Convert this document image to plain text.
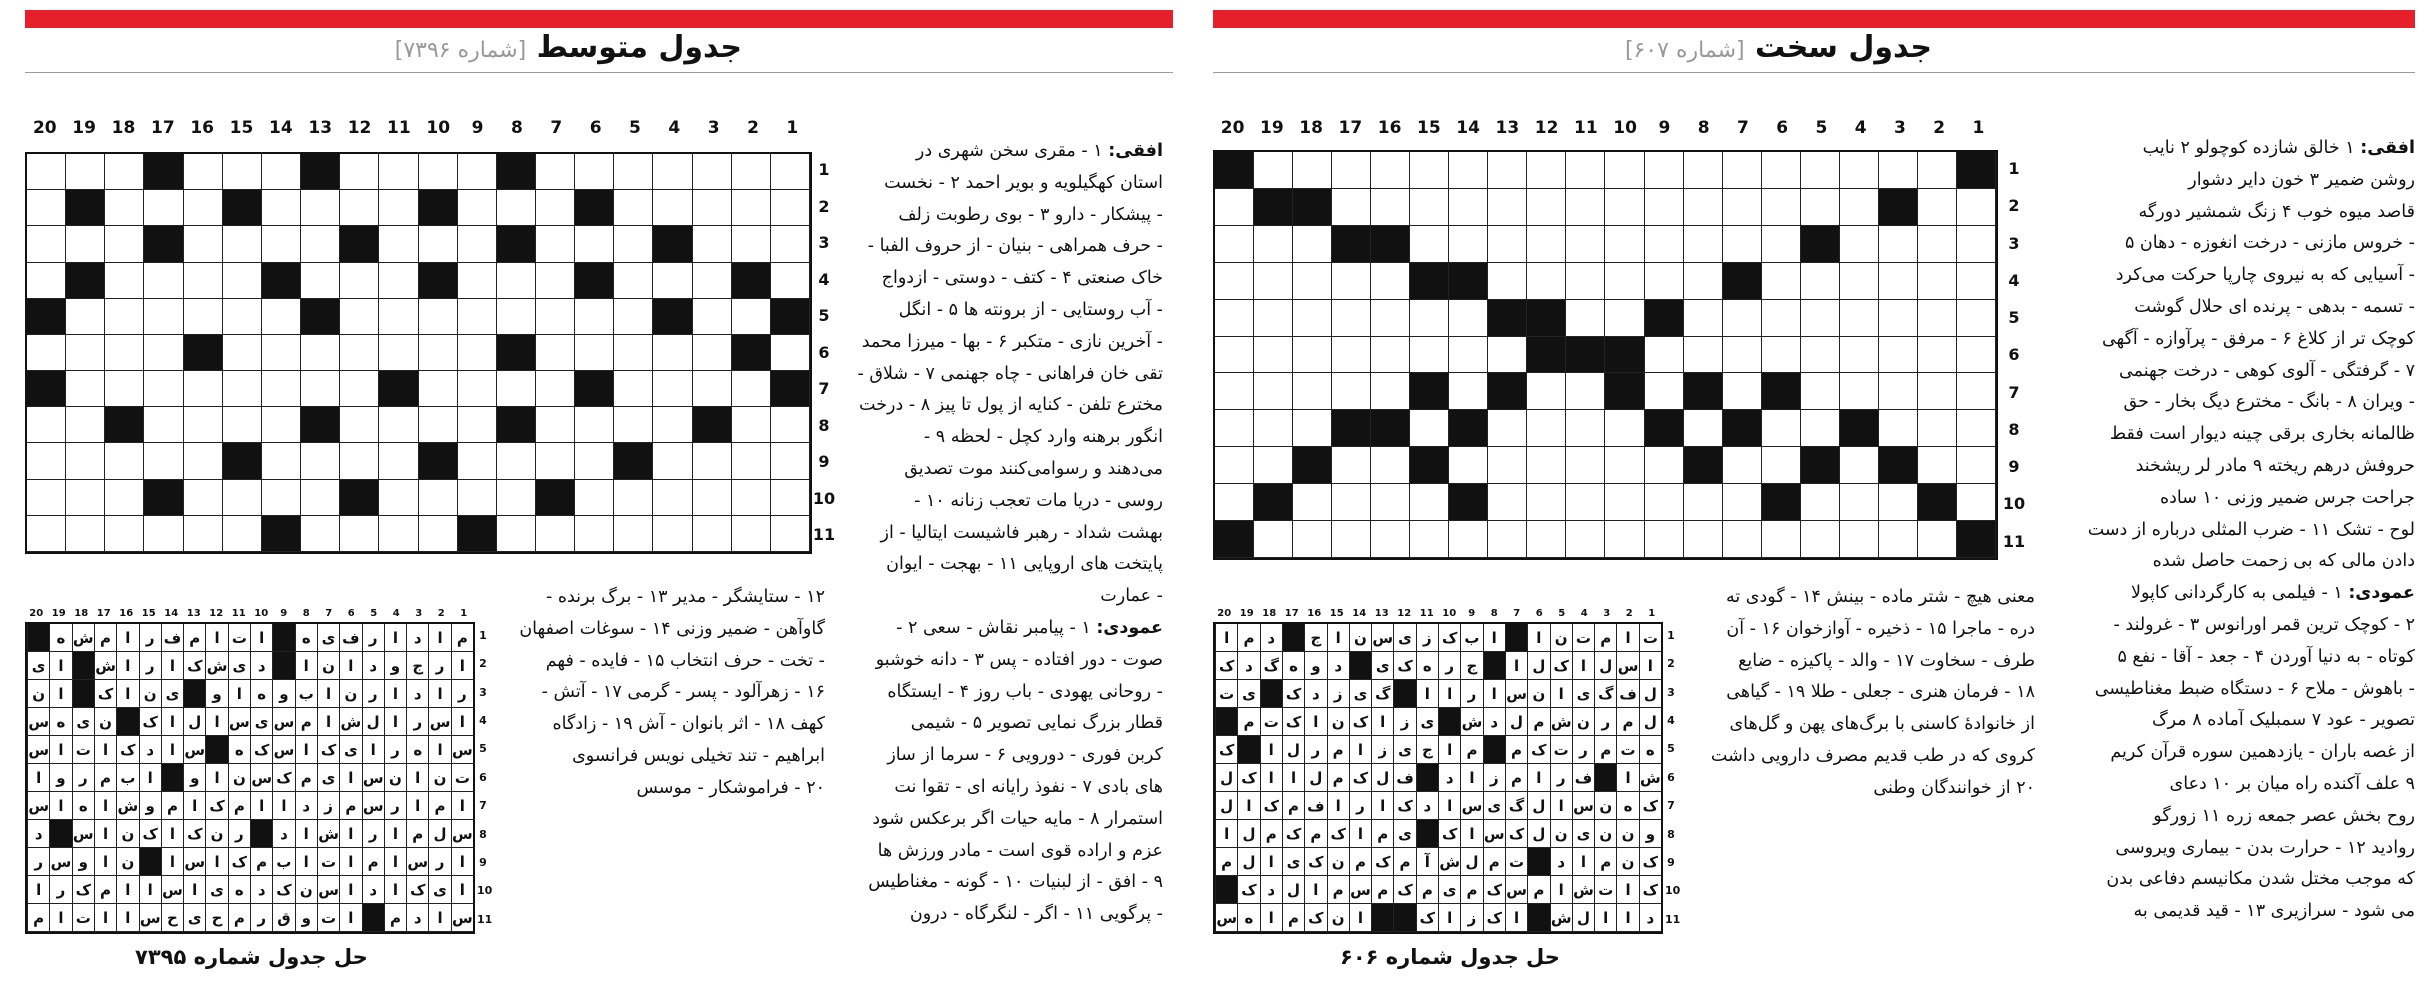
جدول سخت [شماره ۶۰۷]
افقی: ۱ خالق شازده کوچولو ۲ نایب
روشن ضمیر ۳ خون دایر دشوار
قاصد میوه خوب ۴ زنگ شمشیر دورگه
- خروس مازنی - درخت انغوزه - دهان ۵
- آسیایی که به نیروی چارپا حرکت می‌کرد
- تسمه - بدهی - پرنده ای حلال گوشت
کوچک تر از کلاغ ۶ - مرفق - پرآوازه - آگهی
۷ - گرفتگی - آلوی کوهی - درخت جهنمی
- ویران ۸ - بانگ - مخترع دیگ بخار - حق
ظالمانه بخاری برقی چینه دیوار است فقط
حروفش درهم ریخته ۹ مادر لر ریشخند
جراحت جرس ضمیر وزنی ۱۰ ساده
لوح - تشک ۱۱ - ضرب المثلی درباره از دست
دادن مالی که بی زحمت حاصل شده
عمودی: ۱ - فیلمی به کارگردانی کاپولا
۲ - کوچک ترین قمر اورانوس ۳ - غرولند -
کوتاه - به دنیا آوردن ۴ - جعد - آقا - نفع ۵
- باهوش - ملاح ۶ - دستگاه ضبط مغناطیسی
تصویر - عود ۷ سمبلیک آماده ۸ مرگ
از غصه باران - یازدهمین سوره قرآن کریم
۹ علف آکنده راه میان بر ۱۰ دعای
روح بخش عصر جمعه زره ۱۱ زورگو
روادید ۱۲ - حرارت بدن - بیماری ویروسی
که موجب مختل شدن مکانیسم دفاعی بدن
می شود - سرازیری ۱۳ - قید قدیمی به
1
2
3
4
5
6
7
8
9
10
11
12
13
14
15
16
17
18
19
20
1
2
3
4
5
6
7
8
9
10
11
معنی هیچ - شتر ماده - بینش ۱۴ - گودی ته
دره - ماجرا ۱۵ - ذخیره - آوازخوان ۱۶ - آن
طرف - سخاوت ۱۷ - والد - پاکیزه - ضایع
۱۸ - فرمان هنری - جعلی - طلا ۱۹ - گیاهی
از خانوادهٔ کاسنی با برگ‌های پهن و گل‌های
کروی که در طب قدیم مصرف دارویی داشت
۲۰ از خوانندگان وطنی
1
2
3
4
5
6
7
8
9
10
11
12
13
14
15
16
17
18
19
20
ت
ا
م
ت
ن
ا
ا
ب
ک
ز
ی
س
ن
ا
ج
د
م
ا
ا
س
ل
ا
ک
ل
ا
ج
ر
ه
ک
ی
د
و
ه
گ
د
ک
ل
ف
گ
ی
ا
ن
س
ا
ر
ا
ا
گ
ی
ز
د
ک
ی
ت
ل
م
ر
ن
ش
م
ل
د
ش
ی
ز
ا
ک
ن
ا
ک
ت
م
ه
ت
م
ر
ت
ک
م
م
ا
ج
ی
ز
ا
م
ر
ل
ا
ک
ش
ا
ف
ر
ا
م
ز
ا
د
ف
ل
ک
م
ل
ا
ا
ک
ل
ک
ه
ن
س
ا
ل
گ
ی
س
ا
د
ک
ا
ر
ا
ف
م
ک
ا
ل
و
ن
ن
ی
ن
ل
ک
س
ا
ک
ی
م
ا
ک
م
ک
م
ل
ا
ک
ن
م
ا
د
ت
م
ل
ش
آ
م
ک
م
ن
ک
ی
ا
ل
م
ک
ا
ت
ش
ا
م
س
ک
م
ی
م
ک
م
س
م
ا
ل
د
ک
د
ا
ا
ل
ش
ا
ک
ز
ا
ک
ا
ن
ک
م
ا
ه
س
1
2
3
4
5
6
7
8
9
10
11
حل جدول شماره ۶۰۶
جدول متوسط [شماره ۷۳۹۶]
افقی: ۱ - مقری سخن شهری در
استان کهگیلویه و بویر احمد ۲ - نخست
- پیشکار - دارو ۳ - بوی رطوبت زلف
- حرف همراهی - بنیان - از حروف الفبا -
خاک صنعتی ۴ - کتف - دوستی - ازدواج
- آب روستایی - از برونته ها ۵ - انگل
- آخرین نازی - متکبر ۶ - بها - میرزا محمد
تقی خان فراهانی - چاه جهنمی ۷ - شلاق -
مخترع تلفن - کنایه از پول تا پیز ۸ - درخت
انگور برهنه وارد کچل - لحظه ۹ -
می‌دهند و رسوامی‌کنند موت تصدیق
روسی - دریا مات تعجب زنانه ۱۰ -
بهشت شداد - رهبر فاشیست ایتالیا - از
پایتخت های اروپایی ۱۱ - بهجت - ایوان
- عمارت
عمودی: ۱ - پیامبر نقاش - سعی ۲ -
صوت - دور افتاده - پس ۳ - دانه خوشبو
- روحانی یهودی - باب روز ۴ - ایستگاه
قطار بزرگ نمایی تصویر ۵ - شیمی
کربن فوری - دورویی ۶ - سرما از ساز
های بادی ۷ - نفوذ رایانه ای - تقوا نت
استمرار ۸ - مایه حیات اگر برعکس شود
عزم و اراده قوی است - مادر ورزش ها
۹ - افق - از لبنیات ۱۰ - گونه - مغناطیس
- پرگویی ۱۱ - اگر - لنگرگاه - درون
1
2
3
4
5
6
7
8
9
10
11
12
13
14
15
16
17
18
19
20
1
2
3
4
5
6
7
8
9
10
11
۱۲ - ستایشگر - مدیر ۱۳ - برگ برنده -
گاوآهن - ضمیر وزنی ۱۴ - سوغات اصفهان
- تخت - حرف انتخاب ۱۵ - فایده - فهم
۱۶ - زهرآلود - پسر - گرمی ۱۷ - آتش -
کهف ۱۸ - اثر بانوان - آش ۱۹ - زادگاه
ابراهیم - تند تخیلی نویس فرانسوی
۲۰ - فراموشکار - موسس
1
2
3
4
5
6
7
8
9
10
11
12
13
14
15
16
17
18
19
20
م
ا
د
ا
ر
ف
ی
ه
ا
ت
ا
م
ف
ر
ا
م
ش
ه
ا
ر
ج
و
د
ا
ن
ا
د
ی
ش
ک
ا
ر
ا
ش
ا
ی
ر
ا
د
ا
ر
ن
ا
ب
و
ه
ا
و
ی
ن
ا
ک
ا
ن
ا
س
ر
ا
ل
ش
ا
م
س
ی
س
ا
ل
ا
ک
ن
ی
ه
س
س
ا
ه
ر
ا
ی
ک
ا
س
ک
ه
س
ا
د
ک
ا
ت
ا
س
ت
ن
ا
ن
س
ا
ی
م
ک
س
ن
ا
و
ا
ب
م
ر
و
ا
ا
م
ا
ر
س
م
ز
د
ا
ا
م
ک
ا
م
و
ش
ا
ه
ا
س
س
ل
م
ا
ر
ا
ش
ا
د
ر
ن
ک
ا
ک
ن
ا
س
د
ا
ر
س
ا
م
ا
ت
ا
ب
م
ک
ا
س
ا
ن
ا
و
س
ر
ا
ی
ک
ا
د
ا
س
ن
ک
د
ه
ی
ا
س
ا
ا
م
ک
ر
ا
س
ا
د
م
ا
ت
و
ق
ر
م
ح
ی
ح
س
ا
ا
ت
ا
م
1
2
3
4
5
6
7
8
9
10
11
حل جدول شماره ۷۳۹۵
